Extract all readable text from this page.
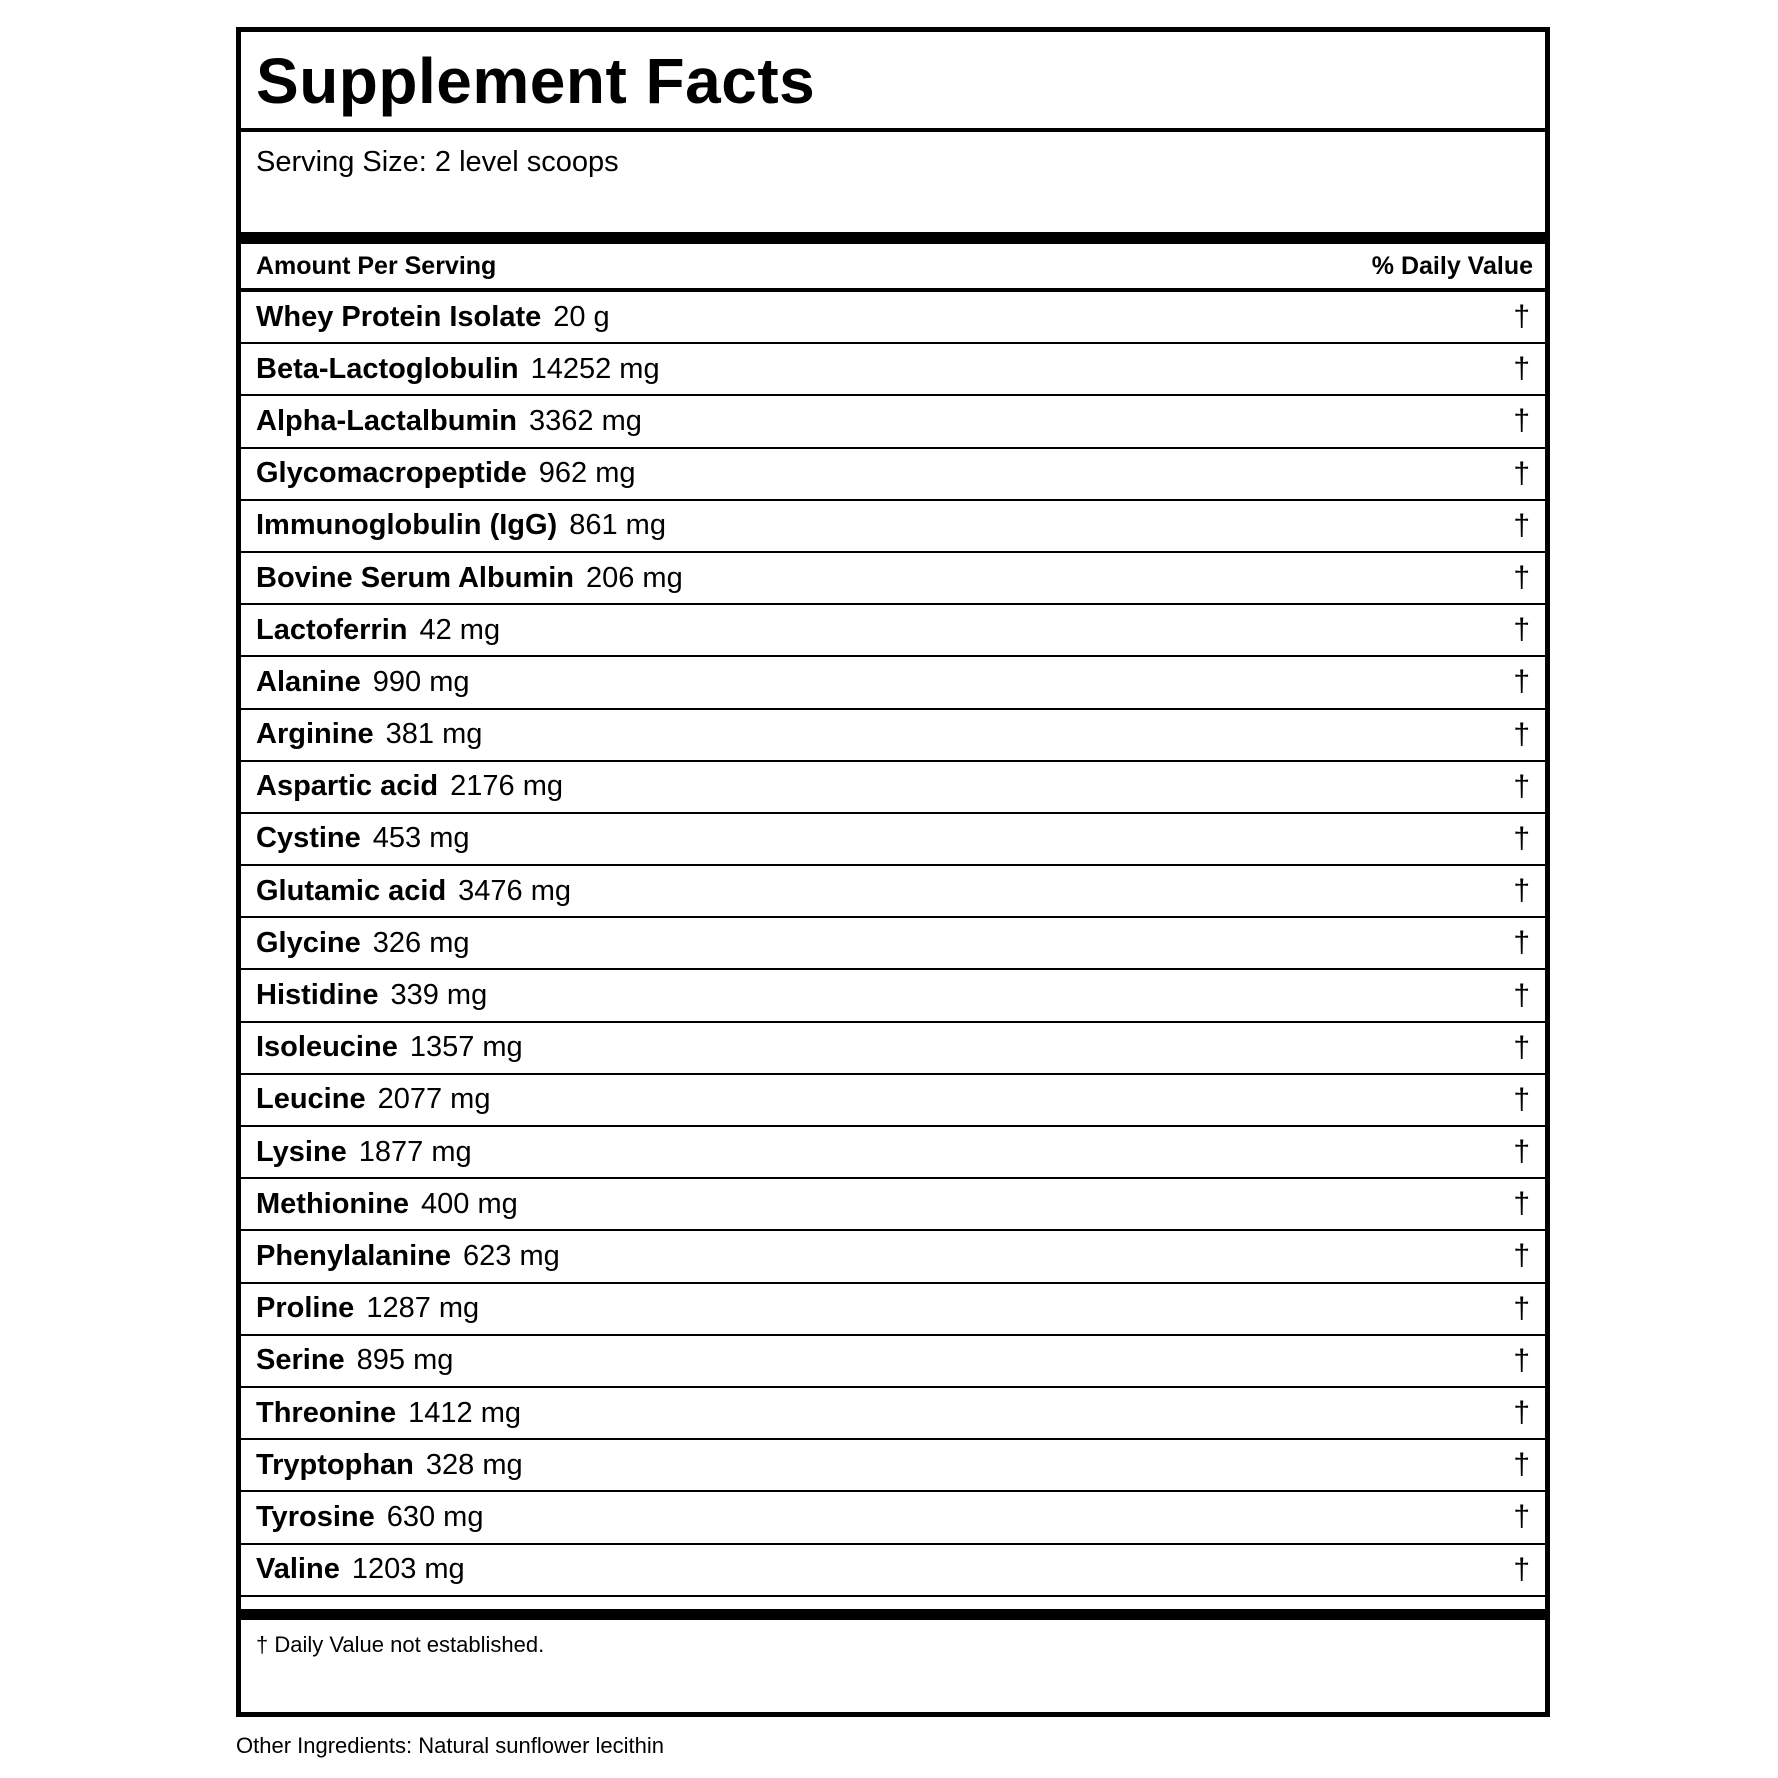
Supplement Facts
Serving Size: 2 level scoops
Amount Per Serving	% Daily Value
Whey Protein Isolate 20 g	†
Beta-Lactoglobulin 14252 mg	†
Alpha-Lactalbumin 3362 mg	†
Glycomacropeptide 962 mg	†
Immunoglobulin (IgG) 861 mg	†
Bovine Serum Albumin 206 mg	†
Lactoferrin 42 mg	†
Alanine 990 mg	†
Arginine 381 mg	†
Aspartic acid 2176 mg	†
Cystine 453 mg	†
Glutamic acid 3476 mg	†
Glycine 326 mg	†
Histidine 339 mg	†
Isoleucine 1357 mg	†
Leucine 2077 mg	†
Lysine 1877 mg	†
Methionine 400 mg	†
Phenylalanine 623 mg	†
Proline 1287 mg	†
Serine 895 mg	†
Threonine 1412 mg	†
Tryptophan 328 mg	†
Tyrosine 630 mg	†
Valine 1203 mg	†
† Daily Value not established.
Other Ingredients: Natural sunflower lecithin
